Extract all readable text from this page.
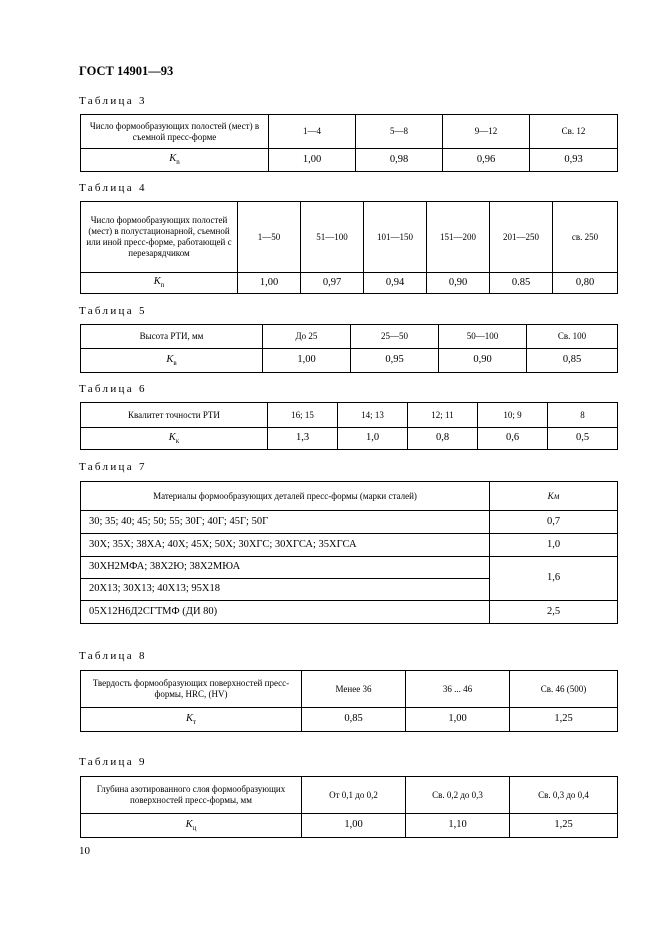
ГОСТ 14901—93
Таблица 3
Число формообразующих полостей (мест) в съемной пресс-форме	1—4	5—8	9—12	Св. 12
$K_n$	1,00	0,98	0,96	0,93
Таблица 4
Число формообразующих полостей (мест) в полустационарной, съемной или иной пресс-форме, работающей с перезарядчиком	1—50	51—100	101—150	151—200	201—250	св. 250
$K_n$	1,00	0,97	0,94	0,90	0.85	0,80
Таблица 5
Высота РТИ, мм	До 25	25—50	50—100	Св. 100
$K_в$	1,00	0,95	0,90	0,85
Таблица 6
Квалитет точности РТИ	16; 15	14; 13	12; 11	10; 9	8
$K_к$	1,3	1,0	0,8	0,6	0,5
Таблица 7
Материалы формообразующих деталей пресс-формы (марки сталей)	Kм
30; 35; 40; 45; 50; 55; 30Г; 40Г; 45Г; 50Г	0,7
30Х; 35Х; 38ХА; 40Х; 45Х; 50Х; 30ХГС; 30ХГСА; 35ХГСА	1,0
30ХН2МФА; 38Х2Ю; 38Х2МЮА	1,6
20Х13; 30Х13; 40Х13; 95Х18	
05Х12Н6Д2СГТМФ (ДИ 80)	2,5
Таблица 8
Твердость формообразующих поверхностей пресс-формы, HRC, (HV)	Менее 36	36 ... 46	Св. 46 (500)
$K_т$	0,85	1,00	1,25
Таблица 9
Глубина азотированного слоя формообразующих поверхностей пресс-формы, мм	От 0,1 до 0,2	Св. 0,2 до 0,3	Св. 0,3 до 0,4
$K_ц$	1,00	1,10	1,25
10
